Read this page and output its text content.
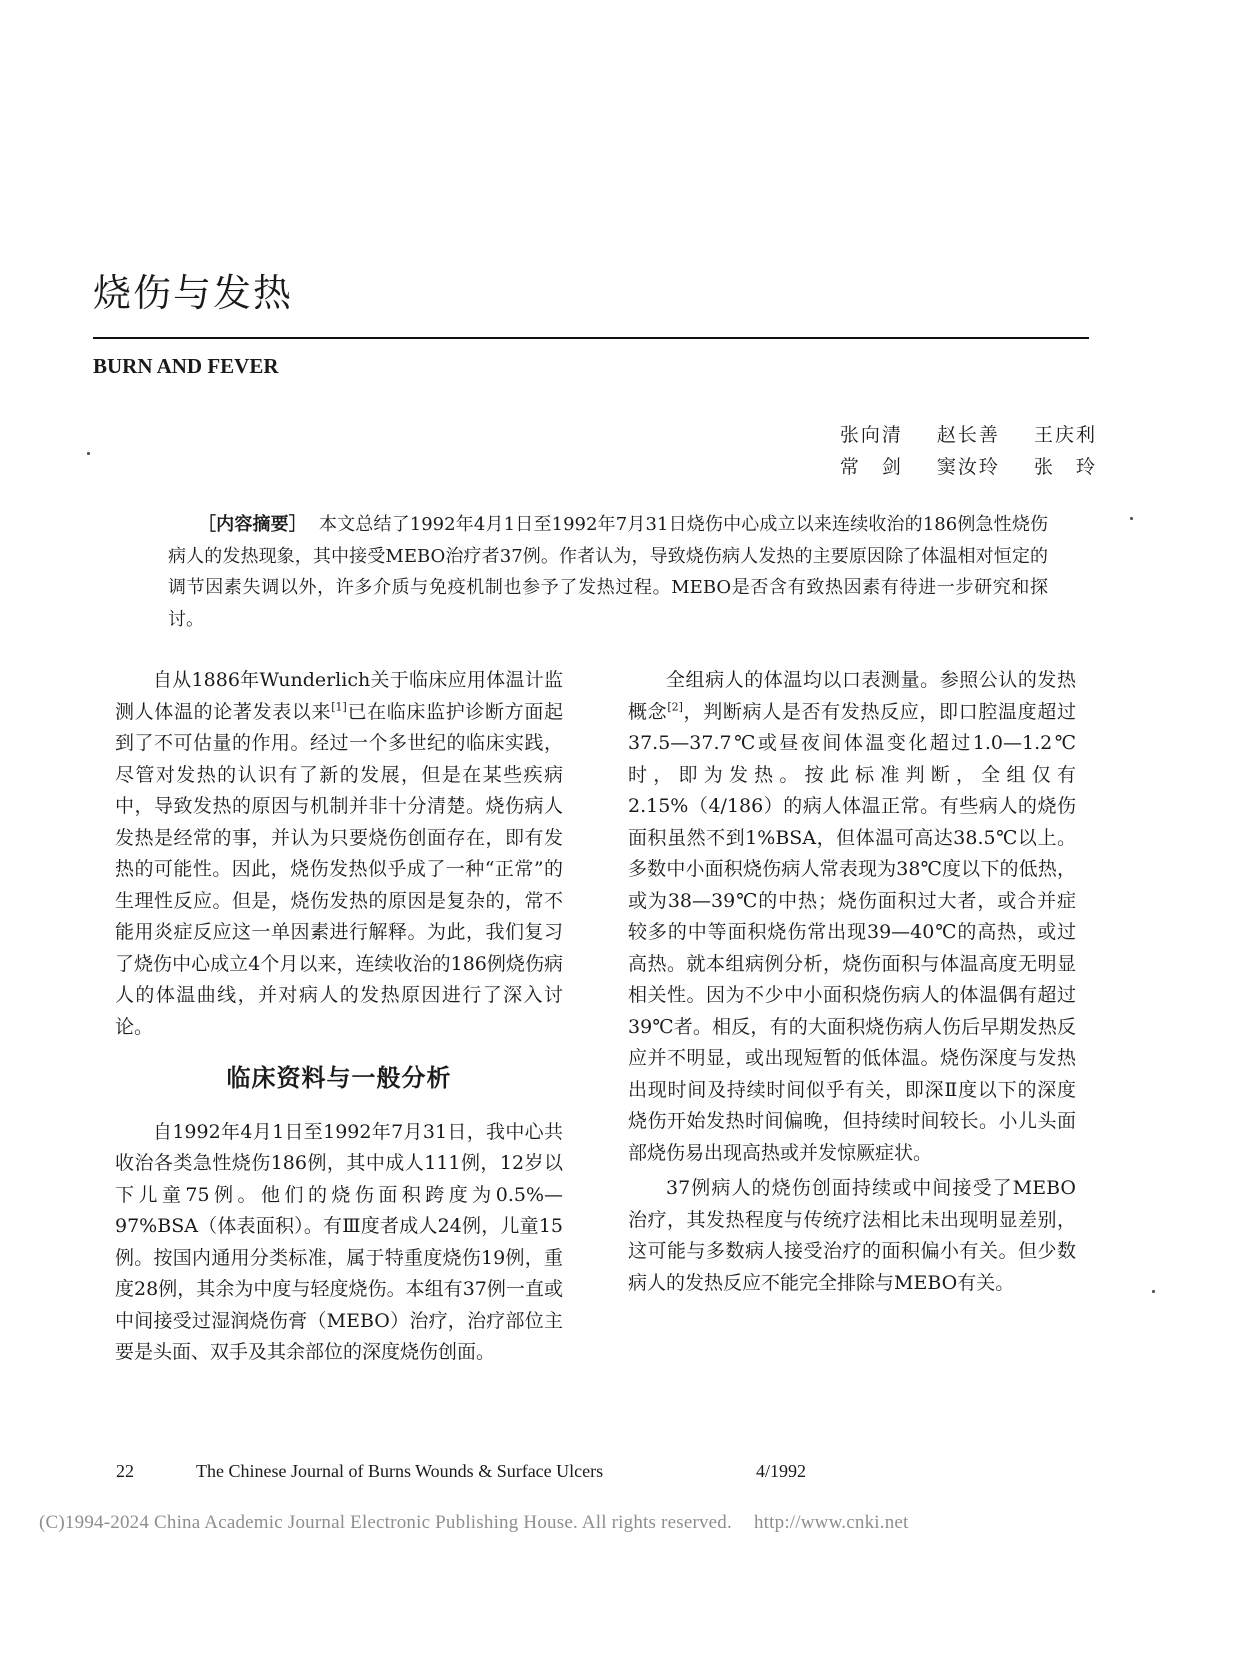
烧伤与发热
BURN AND FEVER
张向清 赵长善 王庆利
常　剑 窦汝玲 张　玲
［内容摘要］ 本文总结了1992年4月1日至1992年7月31日烧伤中心成立以来连续收治的186例急性烧伤病人的发热现象，其中接受MEBO治疗者37例。作者认为，导致烧伤病人发热的主要原因除了体温相对恒定的调节因素失调以外，许多介质与免疫机制也参予了发热过程。MEBO是否含有致热因素有待进一步研究和探讨。

自从1886年Wunderlich关于临床应用体温计监测人体温的论著发表以来[1]已在临床监护诊断方面起到了不可估量的作用。经过一个多世纪的临床实践，尽管对发热的认识有了新的发展，但是在某些疾病中，导致发热的原因与机制并非十分清楚。烧伤病人发热是经常的事，并认为只要烧伤创面存在，即有发热的可能性。因此，烧伤发热似乎成了一种“正常”的生理性反应。但是，烧伤发热的原因是复杂的，常不能用炎症反应这一单因素进行解释。为此，我们复习了烧伤中心成立4个月以来，连续收治的186例烧伤病人的体温曲线，并对病人的发热原因进行了深入讨论。

临床资料与一般分析

自1992年4月1日至1992年7月31日，我中心共收治各类急性烧伤186例，其中成人111例，12岁以下儿童75例。他们的烧伤面积跨度为0.5%—97%BSA（体表面积）。有Ⅲ度者成人24例，儿童15例。按国内通用分类标准，属于特重度烧伤19例，重度28例，其余为中度与轻度烧伤。本组有37例一直或中间接受过湿润烧伤膏（MEBO）治疗，治疗部位主要是头面、双手及其余部位的深度烧伤创面。

全组病人的体温均以口表测量。参照公认的发热概念[2]，判断病人是否有发热反应，即口腔温度超过37.5—37.7℃或昼夜间体温变化超过1.0—1.2℃时，即为发热。按此标准判断，全组仅有2.15%（4/186）的病人体温正常。有些病人的烧伤面积虽然不到1%BSA，但体温可高达38.5℃以上。多数中小面积烧伤病人常表现为38℃度以下的低热，或为38—39℃的中热；烧伤面积过大者，或合并症较多的中等面积烧伤常出现39—40℃的高热，或过高热。就本组病例分析，烧伤面积与体温高度无明显相关性。因为不少中小面积烧伤病人的体温偶有超过39℃者。相反，有的大面积烧伤病人伤后早期发热反应并不明显，或出现短暂的低体温。烧伤深度与发热出现时间及持续时间似乎有关，即深Ⅱ度以下的深度烧伤开始发热时间偏晚，但持续时间较长。小儿头面部烧伤易出现高热或并发惊厥症状。

37例病人的烧伤创面持续或中间接受了MEBO治疗，其发热程度与传统疗法相比未出现明显差别，这可能与多数病人接受治疗的面积偏小有关。但少数病人的发热反应不能完全排除与MEBO有关。

22	The Chinese Journal of Burns Wounds & Surface Ulcers	4/1992
(C)1994-2024 China Academic Journal Electronic Publishing House. All rights reserved. http://www.cnki.net
